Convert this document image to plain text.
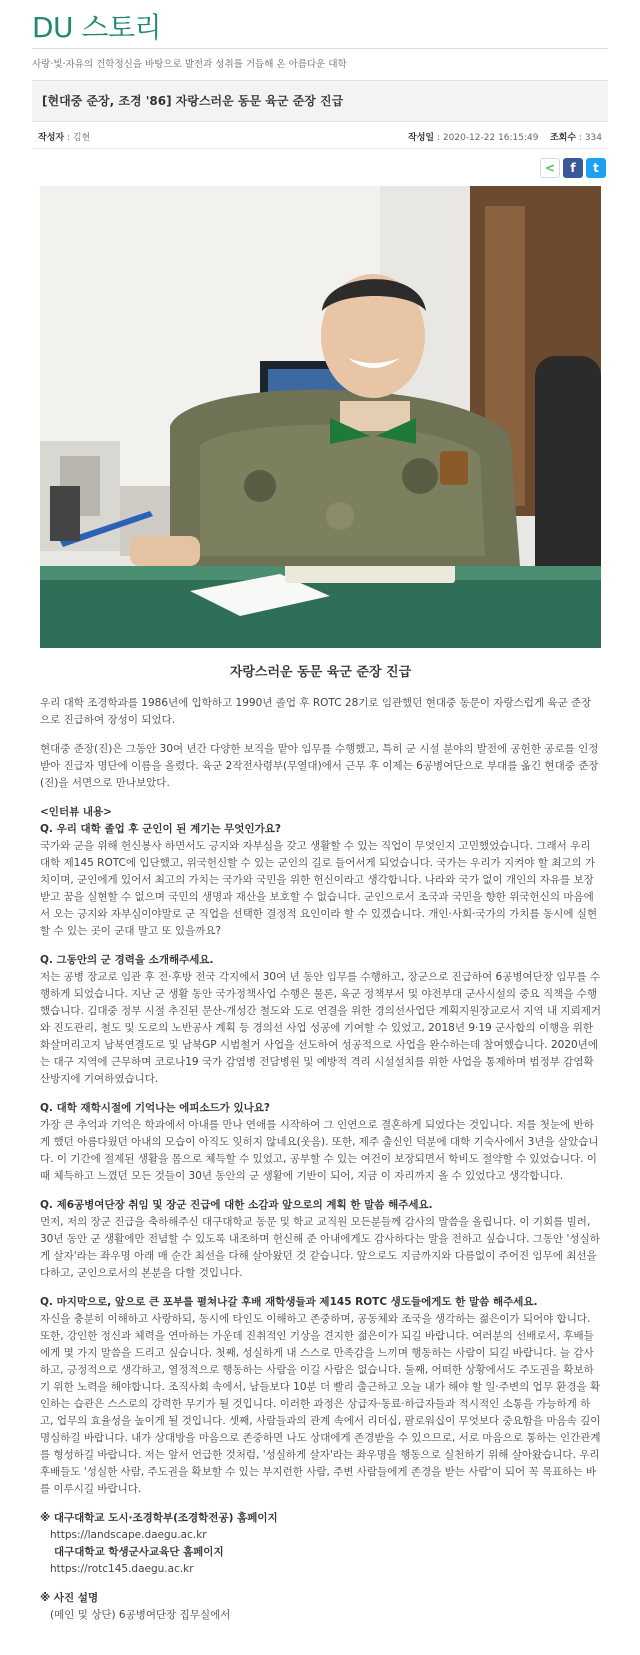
DU 스토리
사랑·빛·자유의 건학정신을 바탕으로 발전과 성취를 거듭해 온 아름다운 대학
[현대중 준장, 조경 '86] 자랑스러운 동문 육군 준장 진급
작성자 : 김현	작성일 : 2020-12-22 16:15:49 조회수 : 334
<	f	t

자랑스러운 동문 육군 준장 진급

우리 대학 조경학과를 1986년에 입학하고 1990년 졸업 후 ROTC 28기로 임관했던 현대중 동문이 자랑스럽게 육군 준장으로 진급하여 장성이 되었다.

현대중 준장(진)은 그동안 30여 년간 다양한 보직을 맡아 임무를 수행했고, 특히 군 시설 분야의 발전에 공헌한 공로를 인정받아 진급자 명단에 이름을 올렸다. 육군 2작전사령부(무열대)에서 근무 후 이제는 6공병여단으로 부대를 옮긴 현대중 준장(진)을 서면으로 만나보았다.

<인터뷰 내용>

Q. 우리 대학 졸업 후 군인이 된 계기는 무엇인가요?

국가와 군을 위해 헌신봉사 하면서도 긍지와 자부심을 갖고 생활할 수 있는 직업이 무엇인지 고민했었습니다. 그래서 우리 대학 제145 ROTC에 입단했고, 위국헌신할 수 있는 군인의 길로 들어서게 되었습니다. 국가는 우리가 지켜야 할 최고의 가치이며, 군인에게 있어서 최고의 가치는 국가와 국민을 위한 헌신이라고 생각합니다. 나라와 국가 없이 개인의 자유를 보장받고 꿈을 실현할 수 없으며 국민의 생명과 재산을 보호할 수 없습니다. 군인으로서 조국과 국민을 향한 위국헌신의 마음에서 오는 긍지와 자부심이야말로 군 직업을 선택한 결정적 요인이라 할 수 있겠습니다. 개인·사회·국가의 가치를 동시에 실현할 수 있는 곳이 군대 말고 또 있을까요?

Q. 그동안의 군 경력을 소개해주세요.

저는 공병 장교로 임관 후 전·후방 전국 각지에서 30여 년 동안 임무를 수행하고, 장군으로 진급하여 6공병여단장 임무를 수행하게 되었습니다. 지난 군 생활 동안 국가정책사업 수행은 물론, 육군 정책부서 및 야전부대 군사시설의 중요 직책을 수행했습니다. 김대중 정부 시절 추진된 문산-개성간 철도와 도로 연결을 위한 경의선사업단 계획지원장교로서 지역 내 지뢰제거와 진도관리, 철도 및 도로의 노반공사 계획 등 경의선 사업 성공에 기여할 수 있었고, 2018년 9·19 군사합의 이행을 위한 화살머리고지 남북연결도로 및 남북GP 시범철거 사업을 선도하여 성공적으로 사업을 완수하는데 참여했습니다. 2020년에는 대구 지역에 근무하며 코로나19 국가 감염병 전담병원 및 예방적 격리 시설설치를 위한 사업을 통제하며 범정부 감염확산방지에 기여하였습니다.

Q. 대학 재학시절에 기억나는 에피소드가 있나요?

가장 큰 추억과 기억은 학과에서 아내를 만나 연애를 시작하여 그 인연으로 결혼하게 되었다는 것입니다. 저를 첫눈에 반하게 했던 아름다웠던 아내의 모습이 아직도 잊히지 않네요(웃음). 또한, 제주 출신인 덕분에 대학 기숙사에서 3년을 살았습니다. 이 기간에 절제된 생활을 몸으로 체득할 수 있었고, 공부할 수 있는 여건이 보장되면서 학비도 절약할 수 있었습니다. 이때 체득하고 느꼈던 모든 것들이 30년 동안의 군 생활에 기반이 되어, 지금 이 자리까지 올 수 있었다고 생각합니다.

Q. 제6공병여단장 취임 및 장군 진급에 대한 소감과 앞으로의 계획 한 말씀 해주세요.

먼저, 저의 장군 진급을 축하해주신 대구대학교 동문 및 학교 교직원 모든분들께 감사의 말씀을 올립니다. 이 기회를 빌려, 30년 동안 군 생활에만 전념할 수 있도록 내조하며 헌신해 준 아내에게도 감사하다는 말을 전하고 싶습니다. 그동안 '성실하게 살자'라는 좌우명 아래 매 순간 최선을 다해 살아왔던 것 같습니다. 앞으로도 지금까지와 다름없이 주어진 임무에 최선을 다하고, 군인으로서의 본분을 다할 것입니다.

Q. 마지막으로, 앞으로 큰 포부를 펼쳐나갈 후배 재학생들과 제145 ROTC 생도들에게도 한 말씀 해주세요.

자신을 충분히 이해하고 사랑하되, 동시에 타인도 이해하고 존중하며, 공동체와 조국을 생각하는 젊은이가 되어야 합니다. 또한, 강인한 정신과 체력을 연마하는 가운데 진취적인 기상을 견지한 젊은이가 되길 바랍니다. 여러분의 선배로서, 후배들에게 몇 가지 말씀을 드리고 싶습니다. 첫째, 성실하게 내 스스로 만족감을 느끼며 행동하는 사람이 되길 바랍니다. 늘 감사하고, 긍정적으로 생각하고, 열정적으로 행동하는 사람을 이길 사람은 없습니다. 둘째, 어떠한 상황에서도 주도권을 확보하기 위한 노력을 해야합니다. 조직사회 속에서, 남들보다 10분 더 빨리 출근하고 오늘 내가 해야 할 일·주변의 업무 환경을 확인하는 습관은 스스로의 강력한 무기가 될 것입니다. 이러한 과정은 상급자·동료·하급자들과 적시적인 소통을 가능하게 하고, 업무의 효율성을 높이게 될 것입니다. 셋째, 사람들과의 관계 속에서 리더십, 팔로워십이 무엇보다 중요함을 마음속 깊이 명심하길 바랍니다. 내가 상대방을 마음으로 존중하면 나도 상대에게 존경받을 수 있으므로, 서로 마음으로 통하는 인간관계를 형성하길 바랍니다. 저는 앞서 언급한 것처럼, '성실하게 살자'라는 좌우명을 행동으로 실천하기 위해 살아왔습니다. 우리 후배들도 '성실한 사람, 주도권을 확보할 수 있는 부지런한 사람, 주변 사람들에게 존경을 받는 사람'이 되어 꼭 목표하는 바를 이루시길 바랍니다.

※ 대구대학교 도시·조경학부(조경학전공) 홈페이지

https://landscape.daegu.ac.kr

대구대학교 학생군사교육단 홈페이지

https://rotc145.daegu.ac.kr

※ 사진 설명

(메인 및 상단) 6공병여단장 집무실에서
